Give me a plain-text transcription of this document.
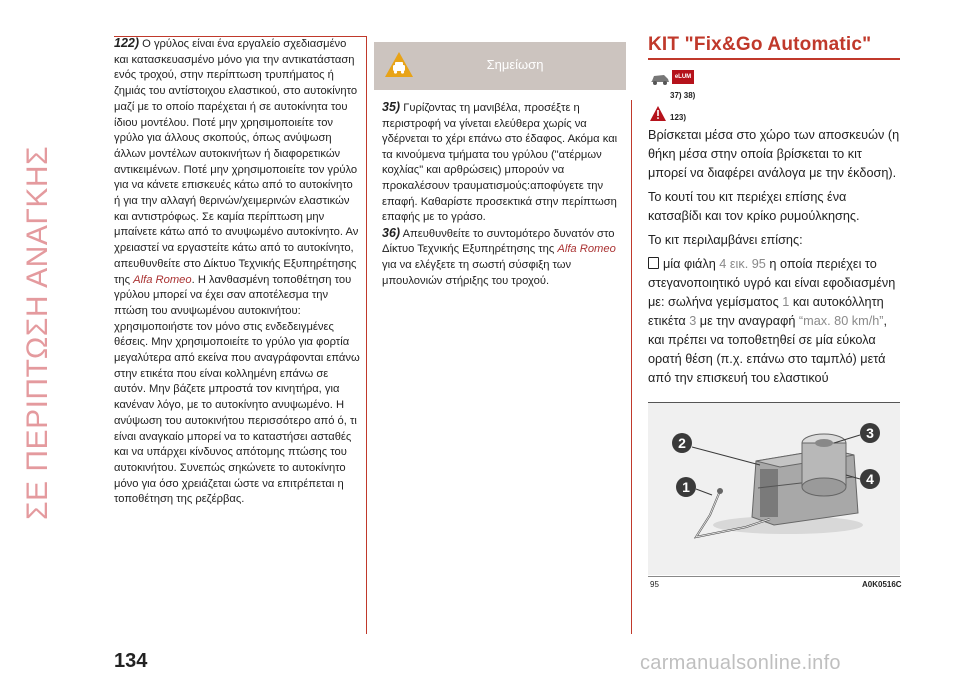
ΣΕ ΠΕΡΙΠΤΩΣΗ ΑΝΑΓΚΗΣ
122) Ο γρύλος είναι ένα εργαλείο σχεδιασμένο και κατασκευασμένο μόνο για την αντικατάσταση ενός τροχού, στην περίπτωση τρυπήματος ή ζημιάς του αντίστοιχου ελαστικού, στο αυτοκίνητο μαζί με το οποίο παρέχεται ή σε αυτοκίνητα του ίδιου μοντέλου. Ποτέ μην χρησιμοποιείτε τον γρύλο για άλλους σκοπούς, όπως ανύψωση άλλων μοντέλων αυτοκινήτων ή διαφορετικών αντικειμένων. Ποτέ μην χρησιμοποιείτε τον γρύλο για να κάνετε επισκευές κάτω από το αυτοκίνητο ή για την αλλαγή θερινών/χειμερινών ελαστικών και αντιστρόφως. Σε καμία περίπτωση μην μπαίνετε κάτω από το ανυψωμένο αυτοκίνητο. Αν χρειαστεί να εργαστείτε κάτω από το αυτοκίνητο, απευθυνθείτε στο Δίκτυο Τεχνικής Εξυπηρέτησης της Alfa Romeo. Η λανθασμένη τοποθέτηση του γρύλου μπορεί να έχει σαν αποτέλεσμα την πτώση του ανυψωμένου αυτοκινήτου: χρησιμοποιήστε τον μόνο στις ενδεδειγμένες θέσεις. Μην χρησιμοποιείτε το γρύλο για φορτία μεγαλύτερα από εκείνα που αναγράφονται επάνω στην ετικέτα που είναι κολλημένη επάνω σε αυτόν. Μην βάζετε μπροστά τον κινητήρα, για κανέναν λόγο, με το αυτοκίνητο ανυψωμένο. Η ανύψωση του αυτοκινήτου περισσότερο από ό, τι είναι αναγκαίο μπορεί να το καταστήσει ασταθές και να υπάρχει κίνδυνος απότομης πτώσης του αυτοκινήτου. Συνεπώς σηκώνετε το αυτοκίνητο μόνο για όσο χρειάζεται ώστε να επιτρέπεται η τοποθέτηση της ρεζέρβας.
Σημείωση
35) Γυρίζοντας τη μανιβέλα, προσέξτε η περιστροφή να γίνεται ελεύθερα χωρίς να γδέρνεται το χέρι επάνω στο έδαφος. Ακόμα και τα κινούμενα τμήματα του γρύλου ("ατέρμων κοχλίας" και αρθρώσεις) μπορούν να προκαλέσουν τραυματισμούς:αποφύγετε την επαφή. Καθαρίστε προσεκτικά στην περίπτωση επαφής με το γράσο.
36) Απευθυνθείτε το συντομότερο δυνατόν στο Δίκτυο Τεχνικής Εξυπηρέτησης της Alfa Romeo για να ελέγξετε τη σωστή σύσφιξη των μπουλονιών στήριξης του τροχού.
KIT "Fix&Go Automatic"
eLUM
37) 38)
123)

Βρίσκεται μέσα στο χώρο των αποσκευών (η θήκη μέσα στην οποία βρίσκεται το κιτ μπορεί να διαφέρει ανάλογα με την έκδοση).

Το κουτί του κιτ περιέχει επίσης ένα κατσαβίδι και τον κρίκο ρυμούλκησης.

Το κιτ περιλαμβάνει επίσης:

μία φιάλη 4 εικ. 95 η οποία περιέχει το στεγανοποιητικό υγρό και είναι εφοδιασμένη με: σωλήνα γεμίσματος 1 και αυτοκόλλητη ετικέτα 3 με την αναγραφή “max. 80 km/h”, και πρέπει να τοποθετηθεί σε μία εύκολα ορατή θέση (π.χ. επάνω στο ταμπλό) μετά από την επισκευή του ελαστικού

2
3
4
1
95	A0K0516C
134	carmanualsonline.info
